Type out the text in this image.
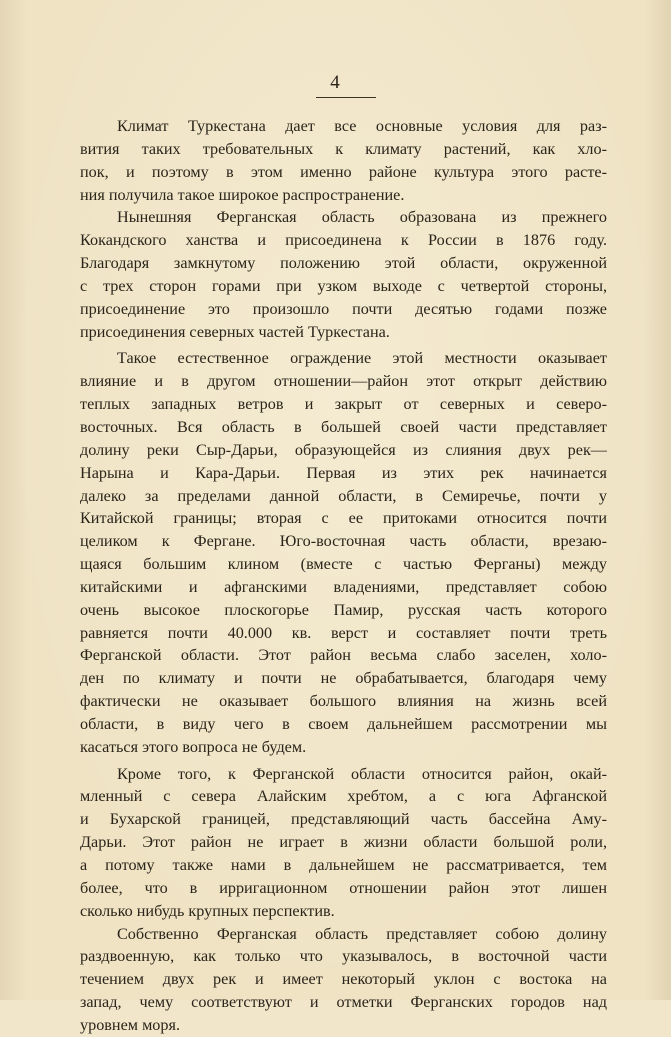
4
Климат Туркестана дает все основные условия для раз-
вития таких требовательных к климату растений, как хло-
пок, и поэтому в этом именно районе культура этого расте-
ния получила такое широкое распространение.
Нынешняя Ферганская область образована из прежнего
Кокандского ханства и присоединена к России в 1876 году.
Благодаря замкнутому положению этой области, окруженной
с трех сторон горами при узком выходе с четвертой стороны,
присоединение это произошло почти десятью годами позже
присоединения северных частей Туркестана.
Такое естественное ограждение этой местности оказывает
влияние и в другом отношении—район этот открыт действию
теплых западных ветров и закрыт от северных и северо-
восточных. Вся область в большей своей части представляет
долину реки Сыр-Дарьи, образующейся из слияния двух рек—
Нарына и Кара-Дарьи. Первая из этих рек начинается
далеко за пределами данной области, в Семиречье, почти у
Китайской границы; вторая с ее притоками относится почти
целиком к Фергане. Юго-восточная часть области, врезаю-
щаяся большим клином (вместе с частью Ферганы) между
китайскими и афганскими владениями, представляет собою
очень высокое плоскогорье Памир, русская часть которого
равняется почти 40.000 кв. верст и составляет почти треть
Ферганской области. Этот район весьма слабо заселен, холо-
ден по климату и почти не обрабатывается, благодаря чему
фактически не оказывает большого влияния на жизнь всей
области, в виду чего в своем дальнейшем рассмотрении мы
касаться этого вопроса не будем.
Кроме того, к Ферганской области относится район, окай-
мленный с севера Алайским хребтом, а с юга Афганской
и Бухарской границей, представляющий часть бассейна Аму-
Дарьи. Этот район не играет в жизни области большой роли,
а потому также нами в дальнейшем не рассматривается, тем
более, что в ирригационном отношении район этот лишен
сколько нибудь крупных перспектив.
Собственно Ферганская область представляет собою долину
раздвоенную, как только что указывалось, в восточной части
течением двух рек и имеет некоторый уклон с востока на
запад, чему соответствуют и отметки Ферганских городов над
уровнем моря.
